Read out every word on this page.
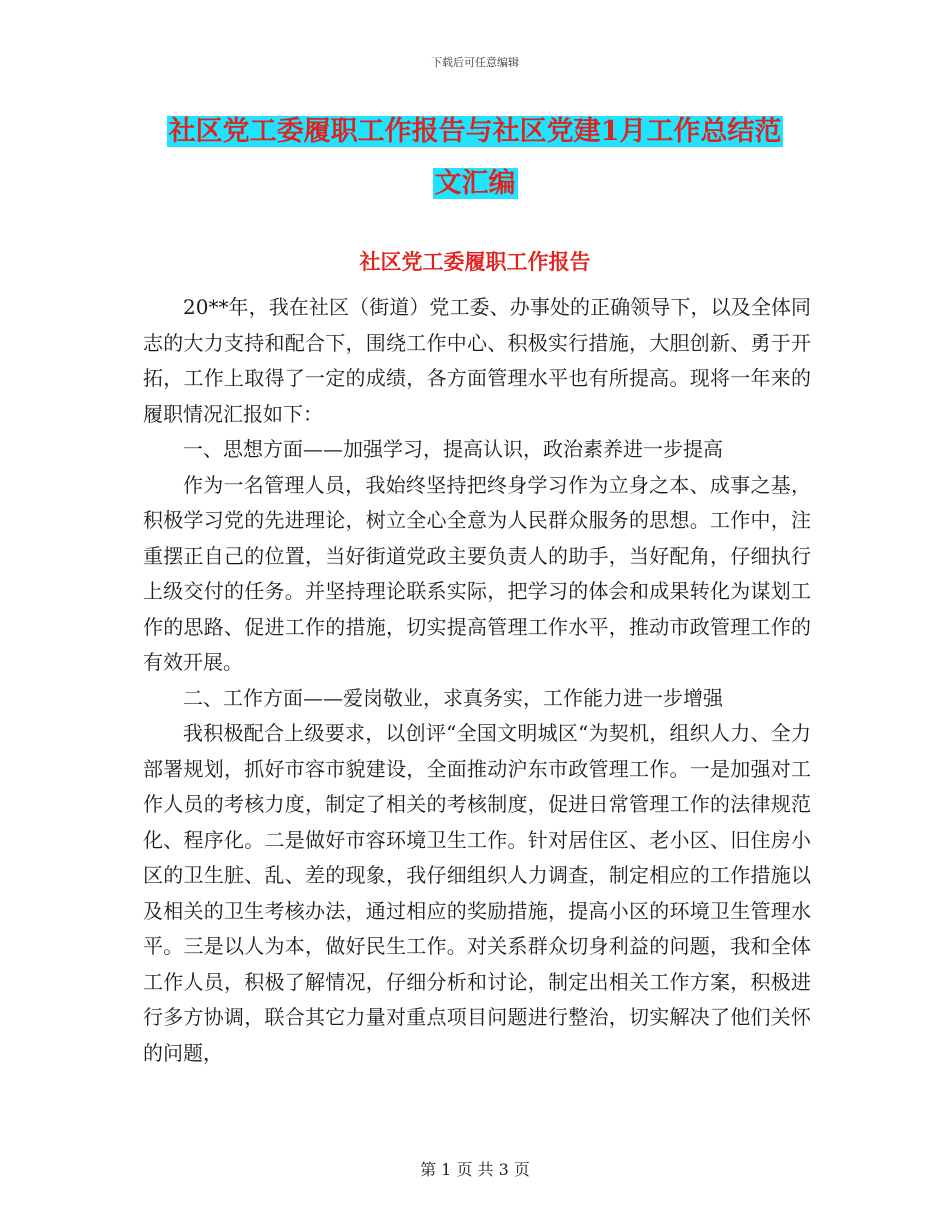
下载后可任意编辑
社区党工委履职工作报告与社区党建1月工作总结范
文汇编
社区党工委履职工作报告

20**年，我在社区（街道）党工委、办事处的正确领导下，以及全体同志的大力支持和配合下，围绕工作中心、积极实行措施，大胆创新、勇于开拓，工作上取得了一定的成绩，各方面管理水平也有所提高。现将一年来的履职情况汇报如下：

一、思想方面——加强学习，提高认识，政治素养进一步提高

作为一名管理人员，我始终坚持把终身学习作为立身之本、成事之基，积极学习党的先进理论，树立全心全意为人民群众服务的思想。工作中，注重摆正自己的位置，当好街道党政主要负责人的助手，当好配角，仔细执行上级交付的任务。并坚持理论联系实际，把学习的体会和成果转化为谋划工作的思路、促进工作的措施，切实提高管理工作水平，推动市政管理工作的有效开展。

二、工作方面——爱岗敬业，求真务实，工作能力进一步增强

我积极配合上级要求，以创评“全国文明城区“为契机，组织人力、全力部署规划，抓好市容市貌建设，全面推动沪东市政管理工作。一是加强对工作人员的考核力度，制定了相关的考核制度，促进日常管理工作的法律规范化、程序化。二是做好市容环境卫生工作。针对居住区、老小区、旧住房小区的卫生脏、乱、差的现象，我仔细组织人力调查，制定相应的工作措施以及相关的卫生考核办法，通过相应的奖励措施，提高小区的环境卫生管理水平。三是以人为本，做好民生工作。对关系群众切身利益的问题，我和全体工作人员，积极了解情况，仔细分析和讨论，制定出相关工作方案，积极进行多方协调，联合其它力量对重点项目问题进行整治，切实解决了他们关怀的问题，

第 1 页 共 3 页
